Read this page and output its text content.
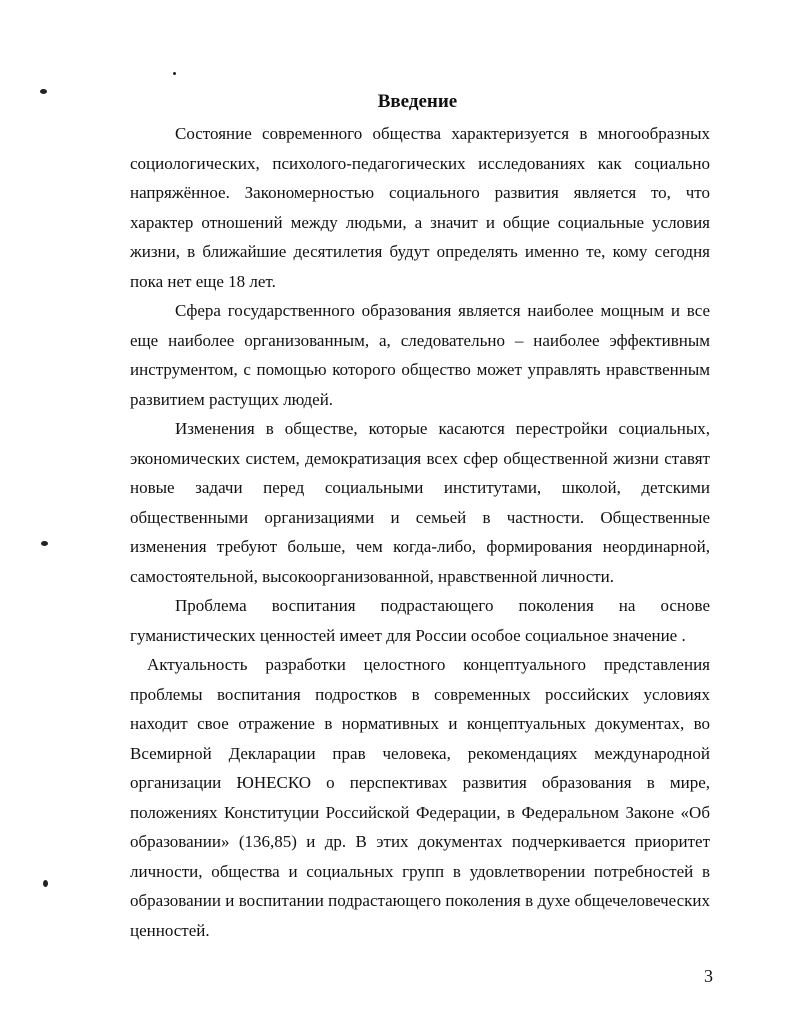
Введение

Состояние современного общества характеризуется в многообразных социологических, психолого-педагогических исследованиях как социально напряжённое. Закономерностью социального развития является то, что характер отношений между людьми, а значит и общие социальные условия жизни, в ближайшие десятилетия будут определять именно те, кому сегодня пока нет еще 18 лет.

Сфера государственного образования является наиболее мощным и все еще наиболее организованным, а, следовательно – наиболее эффективным инструментом, с помощью которого общество может управлять нравственным развитием растущих людей.

Изменения в обществе, которые касаются перестройки социальных, экономических систем, демократизация всех сфер общественной жизни ставят новые задачи перед социальными институтами, школой, детскими общественными организациями и семьей в частности. Общественные изменения требуют больше, чем когда-либо, формирования неординарной, самостоятельной, высокоорганизованной, нравственной личности.

Проблема воспитания подрастающего поколения на основе гуманистических ценностей имеет для России особое социальное значение .

Актуальность разработки целостного концептуального представления проблемы воспитания подростков в современных российских условиях находит свое отражение в нормативных и концептуальных документах, во Всемирной Декларации прав человека, рекомендациях международной организации ЮНЕСКО о перспективах развития образования в мире, положениях Конституции Российской Федерации, в Федеральном Законе «Об образовании» (136,85) и др. В этих документах подчеркивается приоритет личности, общества и социальных групп в удовлетворении потребностей в образовании и воспитании подрастающего поколения в духе общечеловеческих ценностей.

3
